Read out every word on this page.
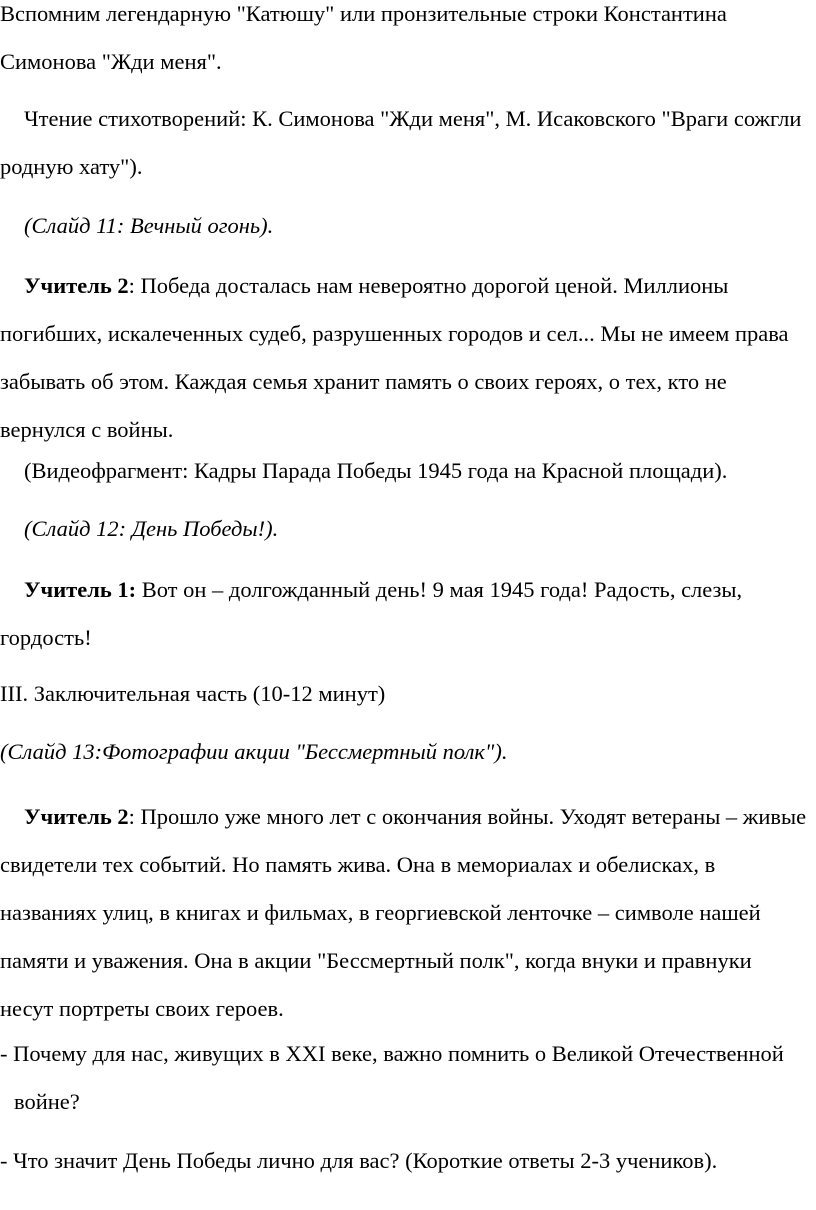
Вспомним легендарную "Катюшу" или пронзительные строки Константина Симонова "Жди меня".

Чтение стихотворений: К. Симонова "Жди меня", М. Исаковского "Враги сожгли родную хату").

(Слайд 11: Вечный огонь).

Учитель 2: Победа досталась нам невероятно дорогой ценой. Миллионы погибших, искалеченных судеб, разрушенных городов и сел... Мы не имеем права забывать об этом. Каждая семья хранит память о своих героях, о тех, кто не вернулся с войны.

(Видеофрагмент: Кадры Парада Победы 1945 года на Красной площади).

(Слайд 12: День Победы!).

Учитель 1: Вот он – долгожданный день! 9 мая 1945 года! Радость, слезы, гордость!

III. Заключительная часть (10-12 минут)

(Слайд 13:Фотографии акции "Бессмертный полк").

Учитель 2: Прошло уже много лет с окончания войны. Уходят ветераны – живые свидетели тех событий. Но память жива. Она в мемориалах и обелисках, в названиях улиц, в книгах и фильмах, в георгиевской ленточке – символе нашей памяти и уважения. Она в акции "Бессмертный полк", когда внуки и правнуки несут портреты своих героев.

- Почему для нас, живущих в XXI веке, важно помнить о Великой Отечественной войне?

- Что значит День Победы лично для вас? (Короткие ответы 2-3 учеников).
